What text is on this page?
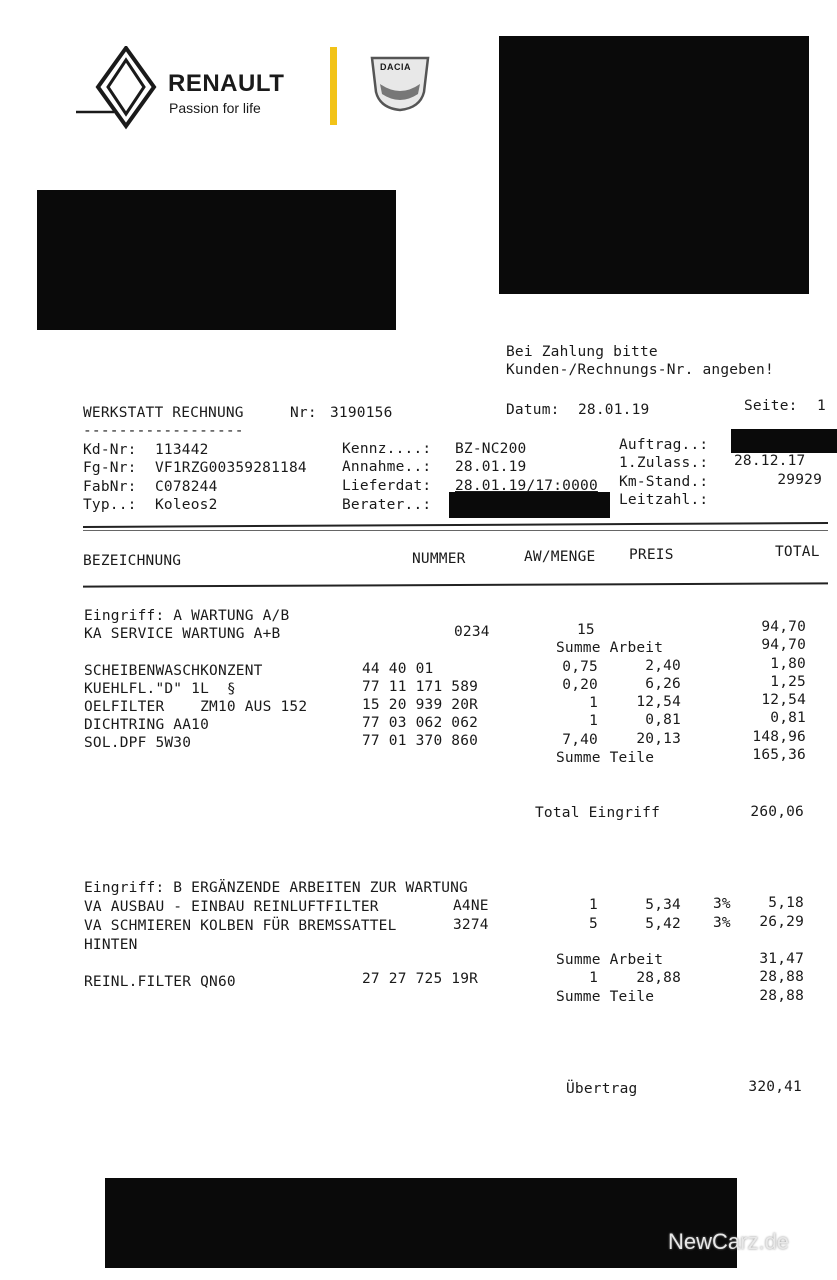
RENAULT
Passion for life
DACIA
Bei Zahlung bitte
Kunden-/Rechnungs-Nr. angeben!
WERKSTATT RECHNUNG	Nr: 3190156
------------------
Datum: 28.01.19	Seite: 1
Kd-Nr: 113442
Fg-Nr: VF1RZG00359281184
FabNr: C078244
Typ..: Koleos2
Kennz....: BZ-NC200
Annahme..: 28.01.19
Lieferdat: 28.01.19/17:0000
Berater..:
Auftrag..:
1.Zulass.: 28.12.17
Km-Stand.:	29929
Leitzahl.:
BEZEICHNUNG	NUMMER	AW/MENGE PREIS	TOTAL
Eingriff: A WARTUNG A/B
KA SERVICE WARTUNG A+B	0234	15	94,70
Summe Arbeit	94,70
SCHEIBENWASCHKONZENT	44 40 01	0,75	2,40	1,80
KUEHLFL."D" 1L  §	77 11 171 589	0,20	6,26	1,25
OELFILTER    ZM10 AUS 152	15 20 939 20R	1	12,54	12,54
DICHTRING AA10	77 03 062 062	1	0,81	0,81
SOL.DPF 5W30	77 01 370 860	7,40	20,13	148,96
Summe Teile	165,36
Total Eingriff	260,06
Eingriff: B ERGÄNZENDE ARBEITEN ZUR WARTUNG
VA AUSBAU - EINBAU REINLUFTFILTER	A4NE	1	5,34 3%	5,18
VA SCHMIEREN KOLBEN FÜR BREMSSATTEL	3274	5	5,42 3% 26,29
HINTEN
Summe Arbeit	31,47
REINL.FILTER QN60	27 27 725 19R	1	28,88	28,88
Summe Teile	28,88
Übertrag	320,41
NewCarz.de
